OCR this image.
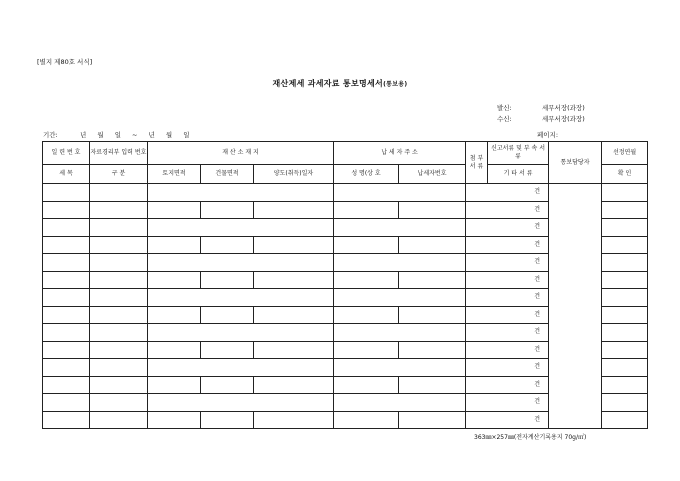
[별지 제80호 서식]
재산제세 과세자료 통보명세서(통보용)
발신:	세무서장(과장)
수신:	세무서장(과장)
기간:	년 월 일 ~ 년 월 일	페이지:
일 련 번 호	자료경리부 입력 번호	재 산 소 재 지			납 세 자 주 소		첨 부 서 류	신고서류 및 부 속 서 류	통보담당자	선정연월
세 목	구 분	토지면적	건물면적	양도(취득)일자	성 명(상 호	납세자번호		기 타 서 류		확 인
							건			
							건			
							건			
							건			
							건			
							건			
							건			
							건			
							건			
							건			
							건			
							건			
							건			
							건			
363㎜×257㎜(전자계산기록용지 70g/㎡)
